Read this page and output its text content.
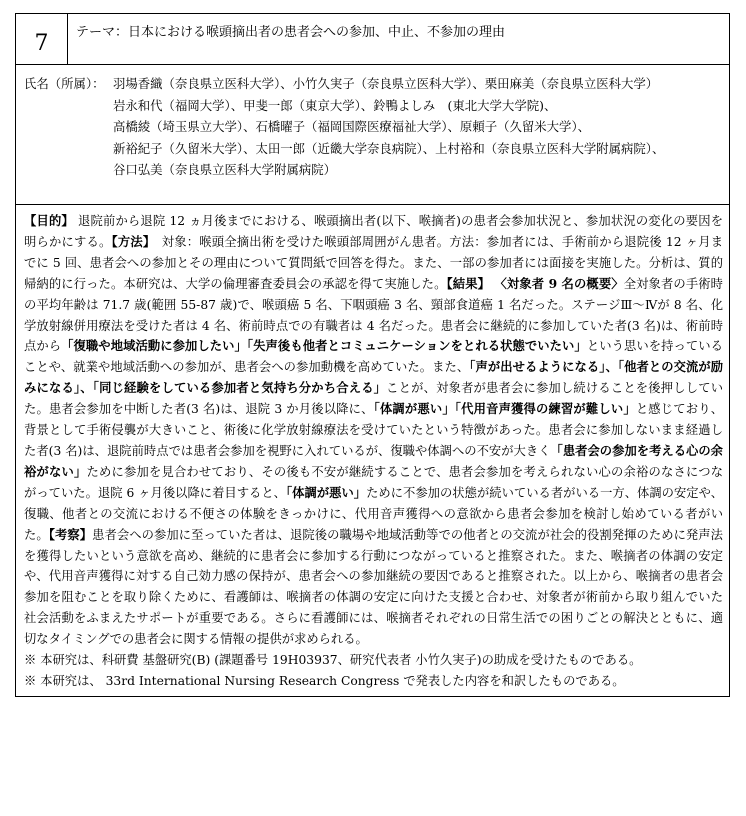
7	テーマ：日本における喉頭摘出者の患者会への参加、中止、不参加の理由
氏名（所属）： 羽場香織（奈良県立医科大学）、小竹久実子（奈良県立医科大学）、栗田麻美（奈良県立医科大学）
岩永和代（福岡大学）、甲斐一郎（東京大学）、鈴鴨よしみ　(東北大学大学院)、
高橋綾（埼玉県立大学）、石橋曜子（福岡国際医療福祉大学）、原頼子（久留米大学）、
新裕紀子（久留米大学）、太田一郎（近畿大学奈良病院）、上村裕和（奈良県立医科大学附属病院）、
谷口弘美（奈良県立医科大学附属病院）
【目的】 退院前から退院 12 ヵ月後までにおける、喉頭摘出者(以下、喉摘者)の患者会参加状況と、参加状況の変化の要因を明らかにする。【方法】　対象：喉頭全摘出術を受けた喉頭部周囲がん患者。方法：参加者には、手術前から退院後 12 ヶ月までに 5 回、患者会への参加とその理由について質問紙で回答を得た。また、一部の参加者には面接を実施した。分析は、質的帰納的に行った。本研究は、大学の倫理審査委員会の承認を得て実施した。【結果】 〈対象者 9 名の概要〉全対象者の手術時の平均年齢は 71.7 歳(範囲 55-87 歳)で、喉頭癌 5 名、下咽頭癌 3 名、頸部食道癌 1 名だった。ステージⅢ～Ⅳが 8 名、化学放射線併用療法を受けた者は 4 名、術前時点での有職者は 4 名だった。患者会に継続的に参加していた者(3 名)は、術前時点から「復職や地域活動に参加したい」「失声後も他者とコミュニケーションをとれる状態でいたい」という思いを持っていることや、就業や地域活動への参加が、患者会への参加動機を高めていた。また、「声が出せるようになる」、「他者との交流が励みになる」、「同じ経験をしている参加者と気持ち分かち合える」ことが、対象者が患者会に参加し続けることを後押ししていた。患者会参加を中断した者(3 名)は、退院 3 か月後以降に、「体調が悪い」「代用音声獲得の練習が難しい」と感じており、背景として手術侵襲が大きいこと、術後に化学放射線療法を受けていたという特徴があった。患者会に参加しないまま経過した者(3 名)は、退院前時点では患者会参加を視野に入れているが、復職や体調への不安が大きく「患者会の参加を考える心の余裕がない」ために参加を見合わせており、その後も不安が継続することで、患者会参加を考えられない心の余裕のなさにつながっていた。退院 6 ヶ月後以降に着目すると、「体調が悪い」ために不参加の状態が続いている者がいる一方、体調の安定や、復職、他者との交流における不便さの体験をきっかけに、代用音声獲得への意欲から患者会参加を検討し始めている者がいた。【考察】患者会への参加に至っていた者は、退院後の職場や地域活動等での他者との交流が社会的役割発揮のために発声法を獲得したいという意欲を高め、継続的に患者会に参加する行動につながっていると推察された。また、喉摘者の体調の安定や、代用音声獲得に対する自己効力感の保持が、患者会への参加継続の要因であると推察された。以上から、喉摘者の患者会参加を阻むことを取り除くために、看護師は、喉摘者の体調の安定に向けた支援と合わせ、対象者が術前から取り組んでいた社会活動をふまえたサポートが重要である。さらに看護師には、喉摘者それぞれの日常生活での困りごとの解決とともに、適切なタイミングでの患者会に関する情報の提供が求められる。
※ 本研究は、科研費 基盤研究(B) (課題番号 19H03937、研究代表者 小竹久実子)の助成を受けたものである。
※ 本研究は、 33rd International Nursing Research Congress で発表した内容を和訳したものである。
